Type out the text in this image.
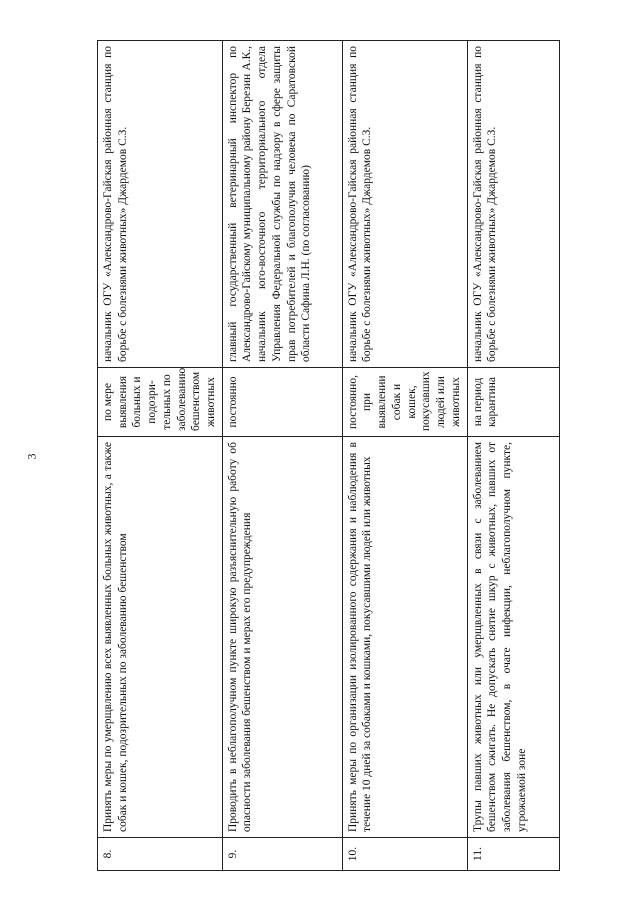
3
8.	Принять меры по умерщвлению всех выявленных больных животных, а также собак и кошек, подозрительных по заболеванию бешенством	по мере выявления больных и подозри-тельных по заболеванию бешенством животных	начальник ОГУ «Александрово-Гайская районная станция по борьбе с болезнями животных» Джардемов С.З.
9.	Проводить в неблагополучном пункте широкую разъяснительную работу об опасности заболевания бешенством и мерах его предупреждения	постоянно	главный государственный ветеринарный инспектор по Александрово-Гайскому муниципальному району Березин А.К., начальник юго-восточного территориального отдела Управления Федеральной службы по надзору в сфере защиты прав потребителей и благополучия человека по Саратовской области Сафина Л.Н. (по согласованию)
10.	Принять меры по организации изолированного содержания и наблюдения в течение 10 дней за собаками и кошками, покусавшими людей или животных	постоянно, при выявлении собак и кошек, покусавших людей или животных	начальник ОГУ «Александрово-Гайская районная станция по борьбе с болезнями животных» Джардемов С.З.
11.	Трупы павших животных или умерщвленных в связи с заболеванием бешенством сжигать. Не допускать снятие шкур с животных, павших от заболевания бешенством, в очаге инфекции, неблагополучном пункте, угрожаемой зоне	на период карантина	начальник ОГУ «Александрово-Гайская районная станция по борьбе с болезнями животных» Джардемов С.З.
